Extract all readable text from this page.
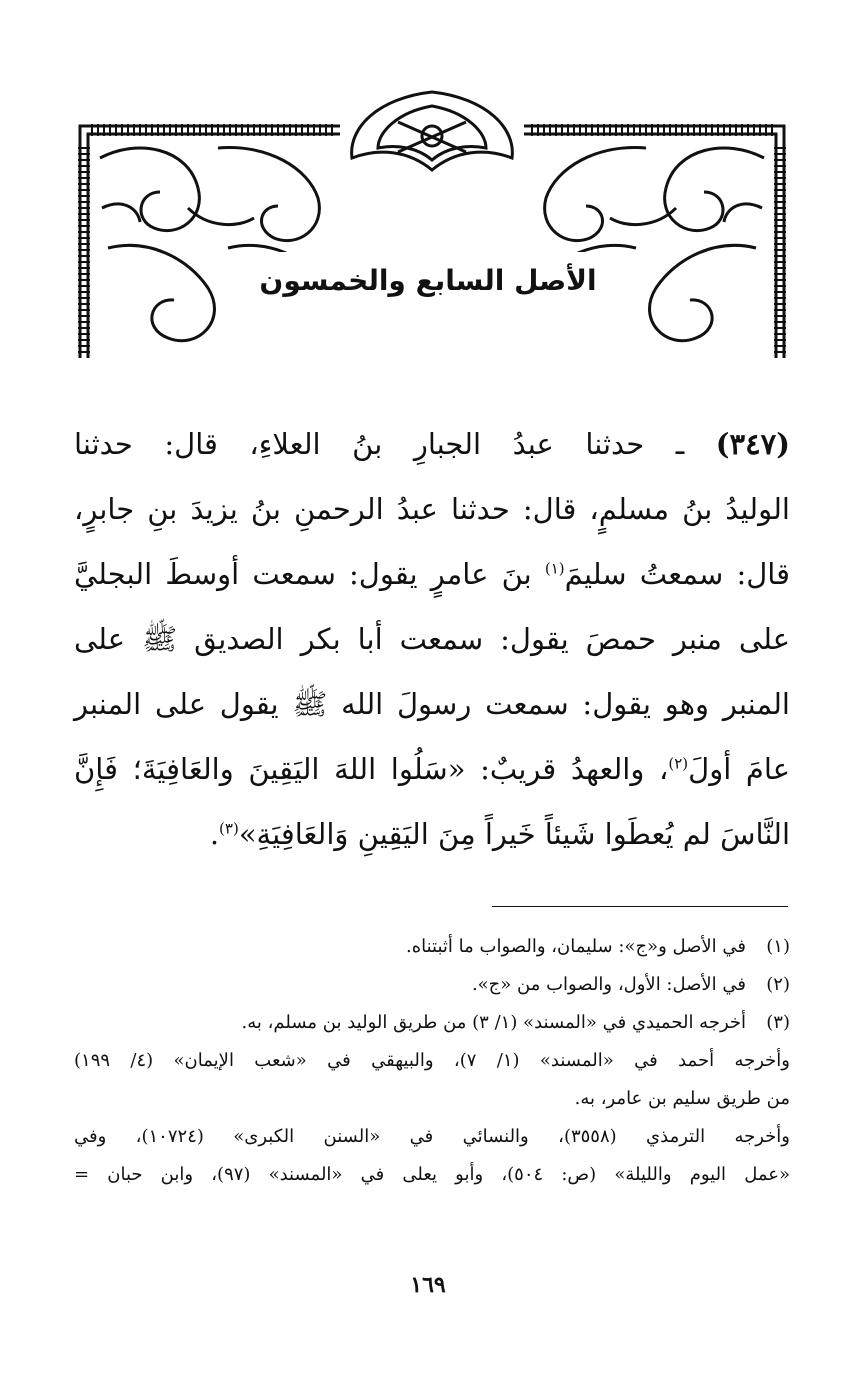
الأصل السابع والخمسون
(٣٤٧) ـ حدثنا عبدُ الجبارِ بنُ العلاءِ، قال: حدثنا
الوليدُ بنُ مسلمٍ، قال: حدثنا عبدُ الرحمنِ بنُ يزيدَ بنِ جابرٍ،
قال: سمعتُ سليمَ$^{(١)}$ بنَ عامرٍ يقول: سمعت أوسطَ البجليَّ
على منبر حمصَ يقول: سمعت أبا بكر الصديق ﷺ على
المنبر وهو يقول: سمعت رسولَ الله ﷺ يقول على المنبر
عامَ أولَ$^{(٢)}$، والعهدُ قريبٌ: «سَلُوا اللهَ اليَقِينَ والعَافِيَةَ؛ فَإِنَّ
النَّاسَ لم يُعطَوا شَيئاً خَيراً مِنَ اليَقِينِ وَالعَافِيَةِ»$^{(٣)}$.
(١)
في الأصل و«ج»: سليمان، والصواب ما أثبتناه.
(٢)
في الأصل: الأول، والصواب من «ج».
(٣)
أخرجه الحميدي في «المسند» (١/ ٣) من طريق الوليد بن مسلم، به.
وأخرجه أحمد في «المسند» (١/ ٧)، والبيهقي في «شعب الإيمان» (٤/ ١٩٩)
من طريق سليم بن عامر، به.
وأخرجه الترمذي (٣٥٥٨)، والنسائي في «السنن الكبرى» (١٠٧٢٤)، وفي
«عمل اليوم والليلة» (ص: ٥٠٤)، وأبو يعلى في «المسند» (٩٧)، وابن حبان =
١٦٩
